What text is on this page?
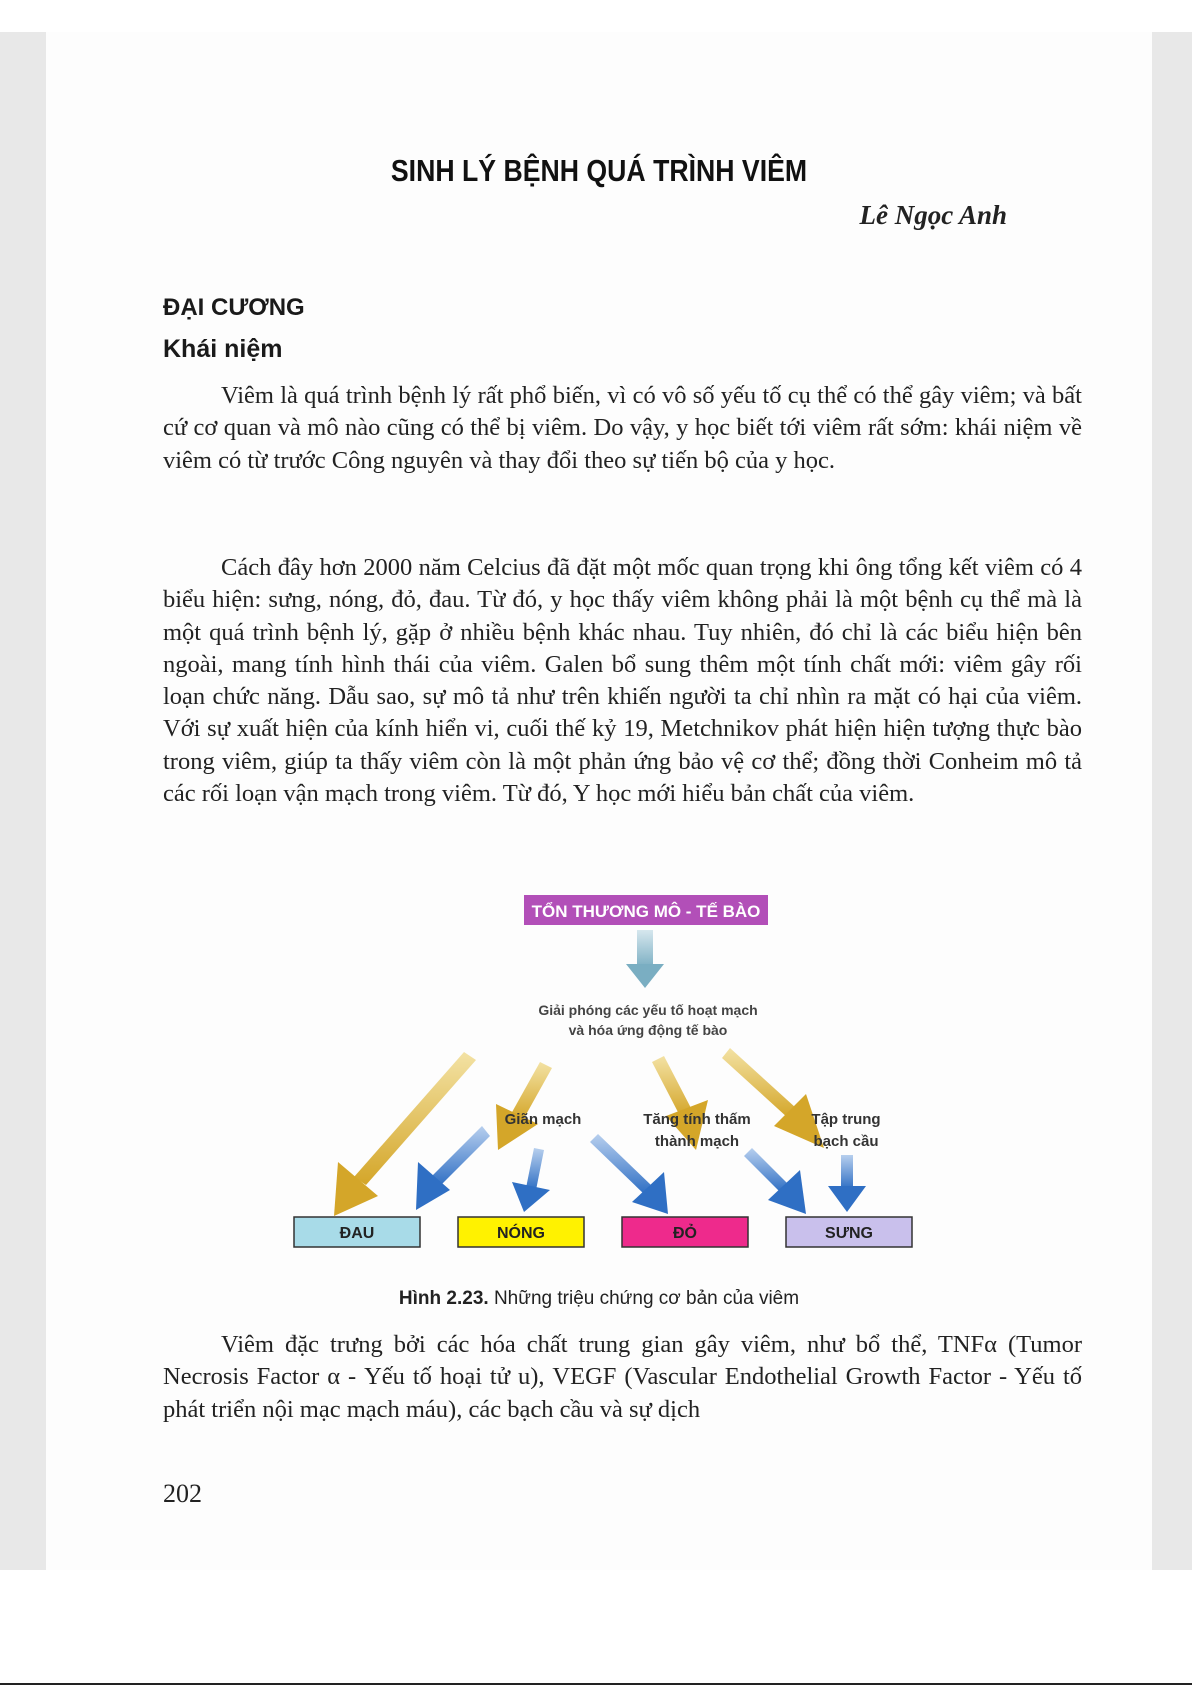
SINH LÝ BỆNH QUÁ TRÌNH VIÊM
Lê Ngọc Anh
ĐẠI CƯƠNG
Khái niệm
Viêm là quá trình bệnh lý rất phổ biến, vì có vô số yếu tố cụ thể có thể gây viêm; và bất cứ cơ quan và mô nào cũng có thể bị viêm. Do vậy, y học biết tới viêm rất sớm: khái niệm về viêm có từ trước Công nguyên và thay đổi theo sự tiến bộ của y học.
Cách đây hơn 2000 năm Celcius đã đặt một mốc quan trọng khi ông tổng kết viêm có 4 biểu hiện: sưng, nóng, đỏ, đau. Từ đó, y học thấy viêm không phải là một bệnh cụ thể mà là một quá trình bệnh lý, gặp ở nhiều bệnh khác nhau. Tuy nhiên, đó chỉ là các biểu hiện bên ngoài, mang tính hình thái của viêm. Galen bổ sung thêm một tính chất mới: viêm gây rối loạn chức năng. Dẫu sao, sự mô tả như trên khiến người ta chỉ nhìn ra mặt có hại của viêm. Với sự xuất hiện của kính hiển vi, cuối thế kỷ 19, Metchnikov phát hiện hiện tượng thực bào trong viêm, giúp ta thấy viêm còn là một phản ứng bảo vệ cơ thể; đồng thời Conheim mô tả các rối loạn vận mạch trong viêm. Từ đó, Y học mới hiểu bản chất của viêm.
TỔN THƯƠNG MÔ - TẾ BÀO
Giải phóng các yếu tố hoạt mạch
và hóa ứng động tế bào
Giãn mạch	Tăng tính thấm
thành mạch
Tập trung
bạch cầu
ĐAU	NÓNG	ĐỎ	SƯNG
Hình 2.23. Những triệu chứng cơ bản của viêm
Viêm đặc trưng bởi các hóa chất trung gian gây viêm, như bổ thể, TNFα (Tumor Necrosis Factor α - Yếu tố hoại tử u), VEGF (Vascular Endothelial Growth Factor - Yếu tố phát triển nội mạc mạch máu), các bạch cầu và sự dịch
202
